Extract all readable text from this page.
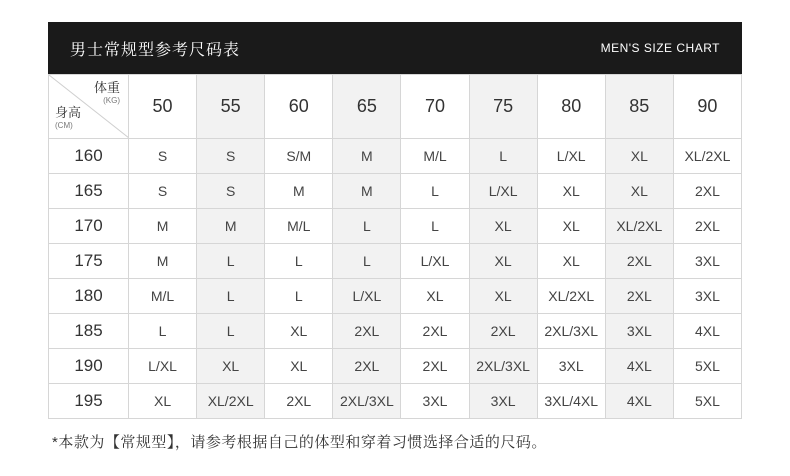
男士常规型参考尺码表	MEN'S SIZE CHART
体重
(KG)
身高
(CM)	50	55	60	65	70	75	80	85	90
160	S	S	S/M	M	M/L	L	L/XL	XL	XL/2XL
165	S	S	M	M	L	L/XL	XL	XL	2XL
170	M	M	M/L	L	L	XL	XL	XL/2XL	2XL
175	M	L	L	L	L/XL	XL	XL	2XL	3XL
180	M/L	L	L	L/XL	XL	XL	XL/2XL	2XL	3XL
185	L	L	XL	2XL	2XL	2XL	2XL/3XL	3XL	4XL
190	L/XL	XL	XL	2XL	2XL	2XL/3XL	3XL	4XL	5XL
195	XL	XL/2XL	2XL	2XL/3XL	3XL	3XL	3XL/4XL	4XL	5XL
*本款为【常规型】，请参考根据自己的体型和穿着习惯选择合适的尺码。
